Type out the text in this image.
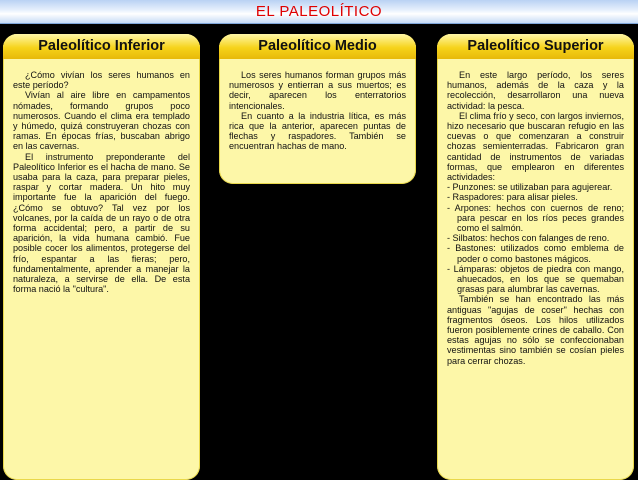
EL PALEOLÍTICO
Paleolítico Inferior

¿Cómo vivían los seres humanos en este período?

Vivían al aire libre en campamentos nómades, formando grupos poco numerosos. Cuando el clima era templado y húmedo, quizá construyeran chozas con ramas. En épocas frías, buscaban abrigo en las cavernas.

El instrumento preponderante del Paleolítico Inferior es el hacha de mano. Se usaba para la caza, para preparar pieles, raspar y cortar madera. Un hito muy importante fue la aparición del fuego. ¿Cómo se obtuvo? Tal vez por los volcanes, por la caída de un rayo o de otra forma accidental; pero, a partir de su aparición, la vida humana cambió. Fue posible cocer los alimentos, protegerse del frío, espantar a las fieras; pero, fundamentalmente, aprender a manejar la naturaleza, a servirse de ella. De esta forma nació la "cultura".

Paleolítico Medio

Los seres humanos forman grupos más numerosos y entierran a sus muertos; es decir, aparecen los enterratorios intencionales.

En cuanto a la industria lítica, es más rica que la anterior, aparecen puntas de flechas y raspadores. También se encuentran hachas de mano.

Paleolítico Superior

En este largo período, los seres humanos, además de la caza y la recolección, desarrollaron una nueva actividad: la pesca.

El clima frío y seco, con largos inviernos, hizo necesario que buscaran refugio en las cuevas o que comenzaran a construir chozas semienterradas. Fabricaron gran cantidad de instrumentos de variadas formas, que emplearon en diferentes actividades:

- Punzones: se utilizaban para agujerear.
- Raspadores: para alisar pieles.
- Arpones: hechos con cuernos de reno; para pescar en los ríos peces grandes como el salmón.
- Silbatos: hechos con falanges de reno.
- Bastones: utilizados como emblema de poder o como bastones mágicos.
- Lámparas: objetos de piedra con mango, ahuecados, en los que se quemaban grasas para alumbrar las cavernas.

También se han encontrado las más antiguas "agujas de coser" hechas con fragmentos óseos. Los hilos utilizados fueron posiblemente crines de caballo. Con estas agujas no sólo se confeccionaban vestimentas sino también se cosían pieles para cerrar chozas.
